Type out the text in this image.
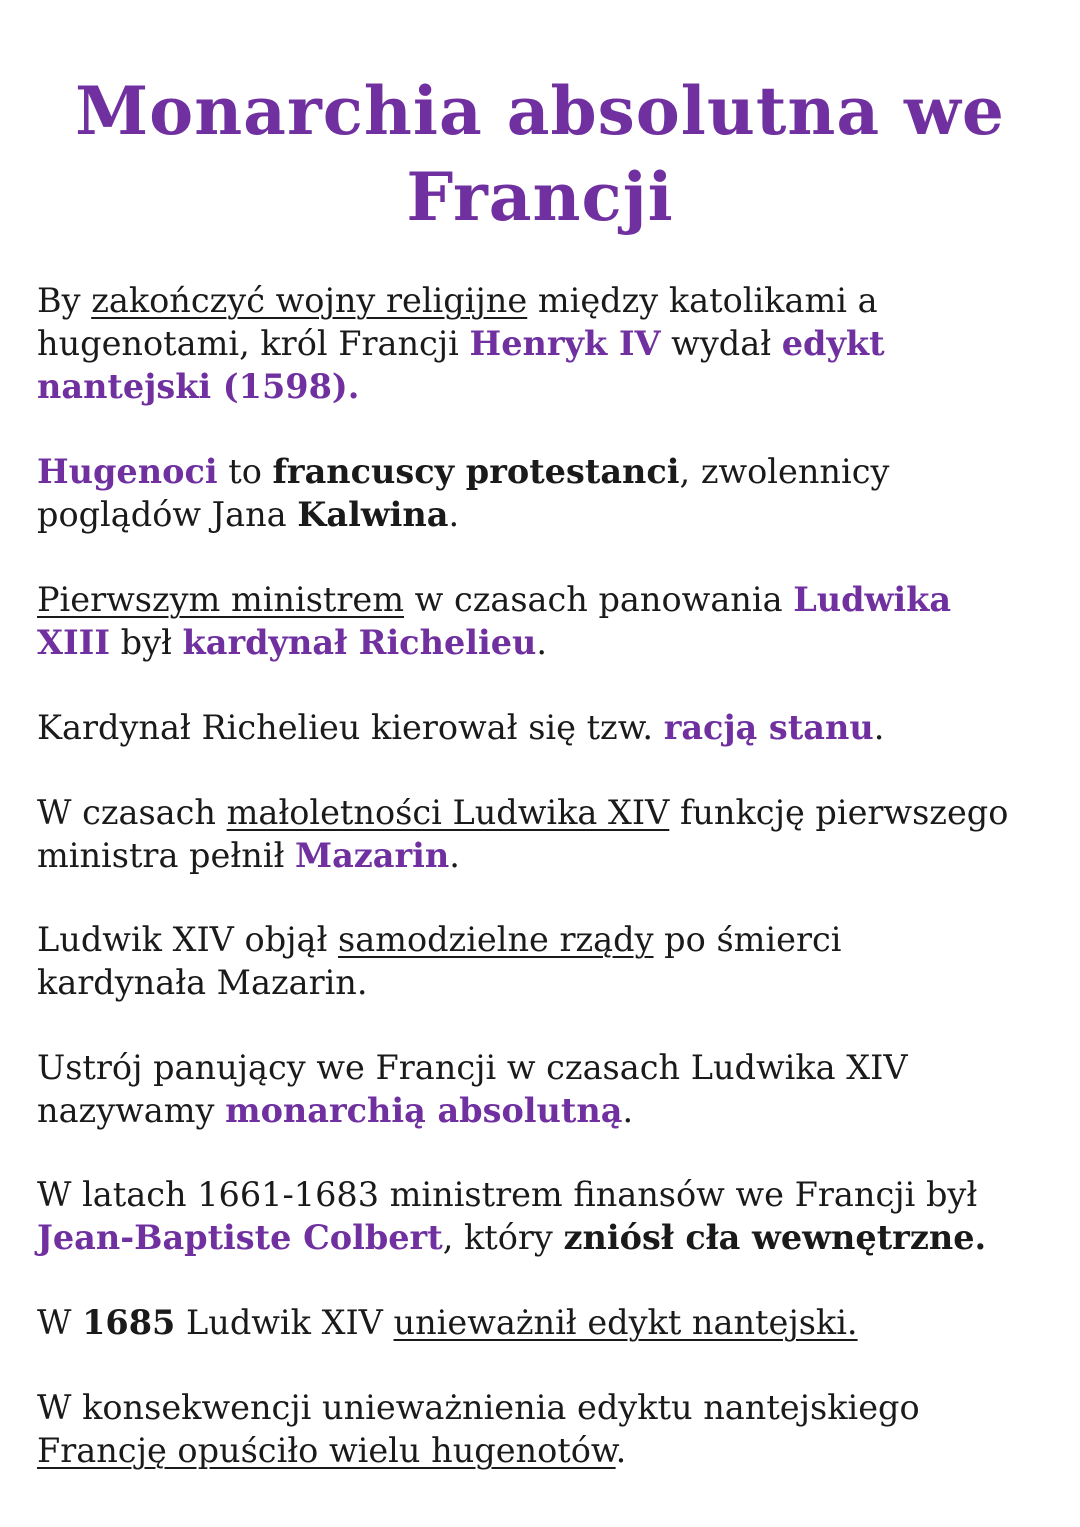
Monarchia absolutna we
Francji

By zakończyć wojny religijne między katolikami a
hugenotami, król Francji Henryk IV wydał edykt
nantejski (1598).

Hugenoci to francuscy protestanci, zwolennicy
poglądów Jana Kalwina.

Pierwszym ministrem w czasach panowania Ludwika
XIII był kardynał Richelieu.

Kardynał Richelieu kierował się tzw. racją stanu.

W czasach małoletności Ludwika XIV funkcję pierwszego
ministra pełnił Mazarin.

Ludwik XIV objął samodzielne rządy po śmierci
kardynała Mazarin.

Ustrój panujący we Francji w czasach Ludwika XIV
nazywamy monarchią absolutną.

W latach 1661-1683 ministrem finansów we Francji był
Jean-Baptiste Colbert, który zniósł cła wewnętrzne.

W 1685 Ludwik XIV unieważnił edykt nantejski.

W konsekwencji unieważnienia edyktu nantejskiego
Francję opuściło wielu hugenotów.
